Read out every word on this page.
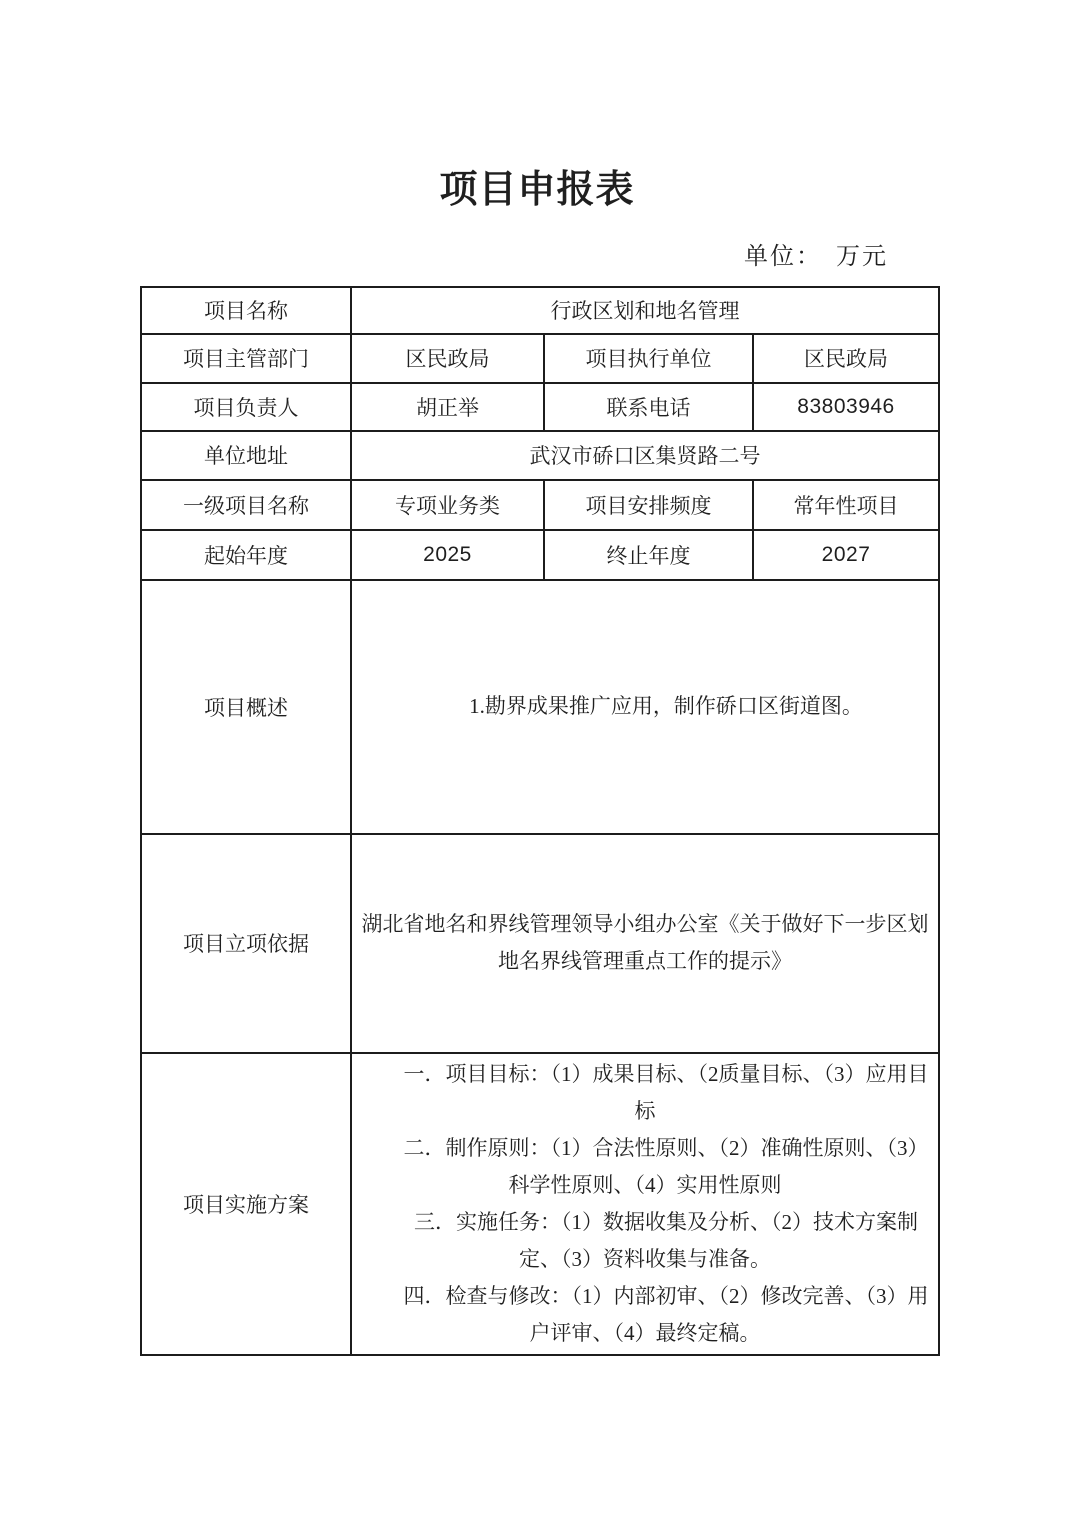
项目申报表
单位：　万元
项目名称	行政区划和地名管理		
项目主管部门	区民政局	项目执行单位	区民政局
项目负责人	胡正举	联系电话	83803946
单位地址	武汉市硚口区集贤路二号		
一级项目名称	专项业务类	项目安排频度	常年性项目
起始年度	2025	终止年度	2027
项目概述	1.勘界成果推广应用，制作硚口区街道图。		

项目立项依据	湖北省地名和界线管理领导小组办公室《关于做好下一步区划地名界线管理重点工作的提示》		

项目实施方案	一．项目目标：（1）成果目标、（2质量目标、（3）应用目标

二．制作原则：（1）合法性原则、（2）准确性原则、（3）科学性原则、（4）实用性原则

三．实施任务：（1）数据收集及分析、（2）技术方案制定、（3）资料收集与准备。

四．检查与修改：（1）内部初审、（2）修改完善、（3）用户评审、（4）最终定稿。		
